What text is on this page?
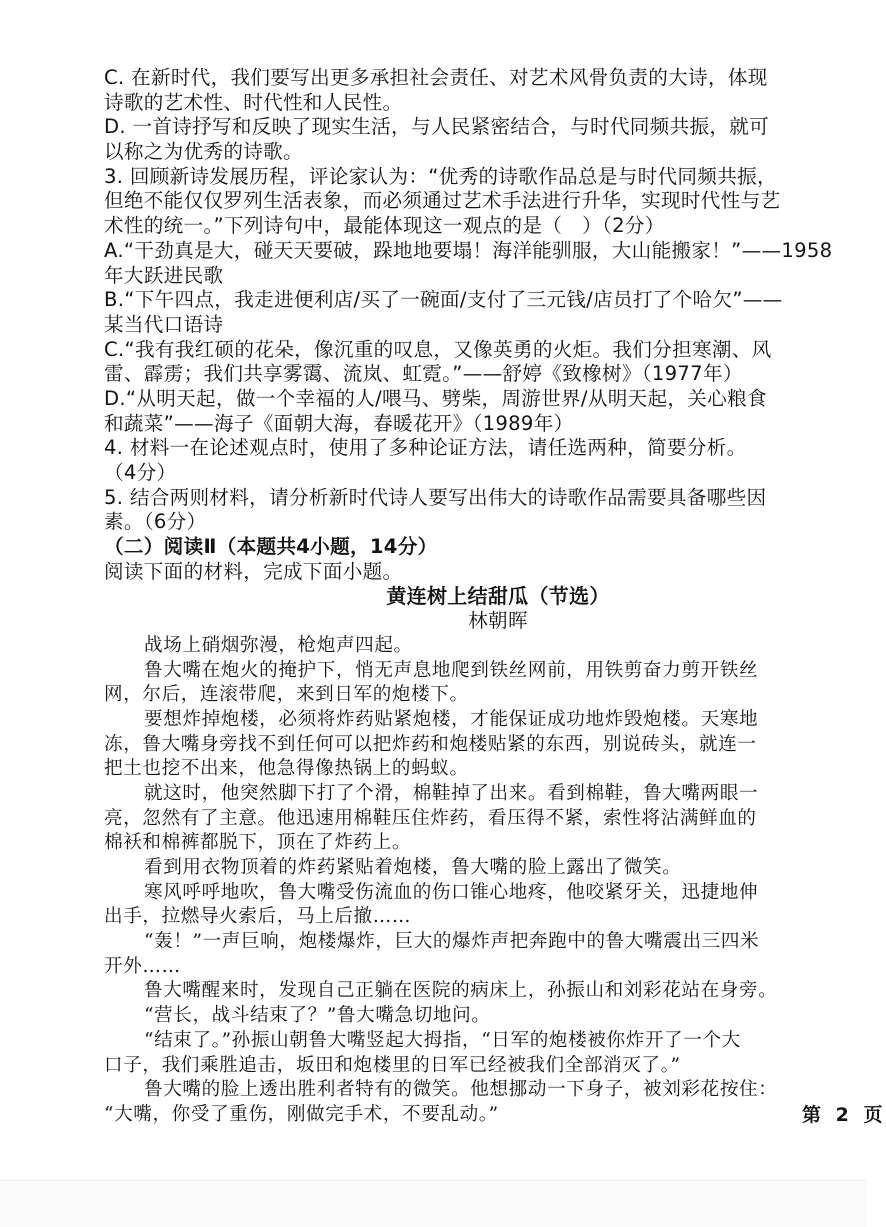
C. 在新时代，我们要写出更多承担社会责任、对艺术风骨负责的大诗，体现
诗歌的艺术性、时代性和人民性。
D. 一首诗抒写和反映了现实生活，与人民紧密结合，与时代同频共振，就可
以称之为优秀的诗歌。
3. 回顾新诗发展历程，评论家认为：“优秀的诗歌作品总是与时代同频共振，
但绝不能仅仅罗列生活表象，而必须通过艺术手法进行升华，实现时代性与艺
术性的统一。”下列诗句中，最能体现这一观点的是（　）（2分）
A.“干劲真是大，碰天天要破，跺地地要塌！海洋能驯服，大山能搬家！”——1958
年大跃进民歌
B.“下午四点，我走进便利店/买了一碗面/支付了三元钱/店员打了个哈欠”——
某当代口语诗
C.“我有我红硕的花朵，像沉重的叹息，又像英勇的火炬。我们分担寒潮、风
雷、霹雳；我们共享雾霭、流岚、虹霓。”——舒婷《致橡树》（1977年）
D.“从明天起，做一个幸福的人/喂马、劈柴，周游世界/从明天起，关心粮食
和蔬菜”——海子《面朝大海，春暖花开》（1989年）
4. 材料一在论述观点时，使用了多种论证方法，请任选两种，简要分析。
（4分）
5. 结合两则材料，请分析新时代诗人要写出伟大的诗歌作品需要具备哪些因
素。（6分）
（二）阅读Ⅱ（本题共4小题，14分）
阅读下面的材料，完成下面小题。
黄连树上结甜瓜（节选）
林朝晖
战场上硝烟弥漫，枪炮声四起。
鲁大嘴在炮火的掩护下，悄无声息地爬到铁丝网前，用铁剪奋力剪开铁丝
网，尔后，连滚带爬，来到日军的炮楼下。
要想炸掉炮楼，必须将炸药贴紧炮楼，才能保证成功地炸毁炮楼。天寒地
冻，鲁大嘴身旁找不到任何可以把炸药和炮楼贴紧的东西，别说砖头，就连一
把土也挖不出来，他急得像热锅上的蚂蚁。
就这时，他突然脚下打了个滑，棉鞋掉了出来。看到棉鞋，鲁大嘴两眼一
亮，忽然有了主意。他迅速用棉鞋压住炸药，看压得不紧，索性将沾满鲜血的
棉袄和棉裤都脱下，顶在了炸药上。
看到用衣物顶着的炸药紧贴着炮楼，鲁大嘴的脸上露出了微笑。
寒风呼呼地吹，鲁大嘴受伤流血的伤口锥心地疼，他咬紧牙关，迅捷地伸
出手，拉燃导火索后，马上后撤……
“轰！”一声巨响，炮楼爆炸，巨大的爆炸声把奔跑中的鲁大嘴震出三四米
开外……
鲁大嘴醒来时，发现自己正躺在医院的病床上，孙振山和刘彩花站在身旁。
“营长，战斗结束了？”鲁大嘴急切地问。
“结束了。”孙振山朝鲁大嘴竖起大拇指，“日军的炮楼被你炸开了一个大
口子，我们乘胜追击，坂田和炮楼里的日军已经被我们全部消灭了。”
鲁大嘴的脸上透出胜利者特有的微笑。他想挪动一下身子，被刘彩花按住：
“大嘴，你受了重伤，刚做完手术，不要乱动。”	第 2 页
